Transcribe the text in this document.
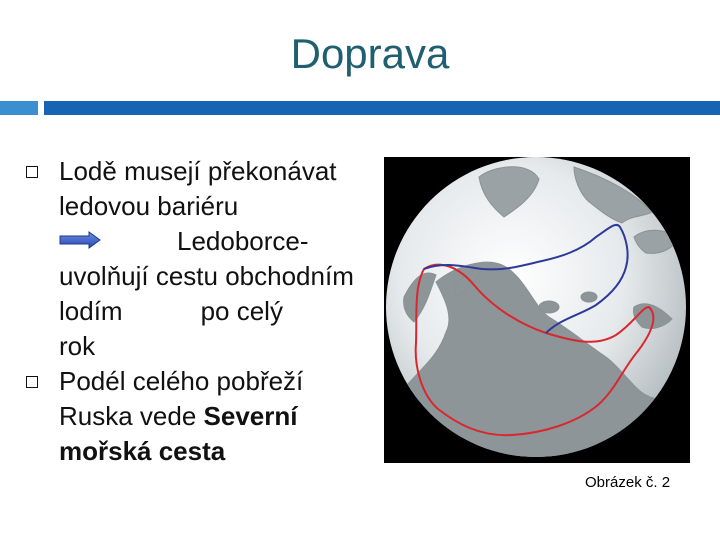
Doprava
Lodě musejí překonávat
ledovou bariéru
Ledoborce-
uvolňují cestu obchodním
lodím	po celý
rok
Podél celého pobřeží
Ruska vede Severní
mořská cesta
Obrázek č. 2
